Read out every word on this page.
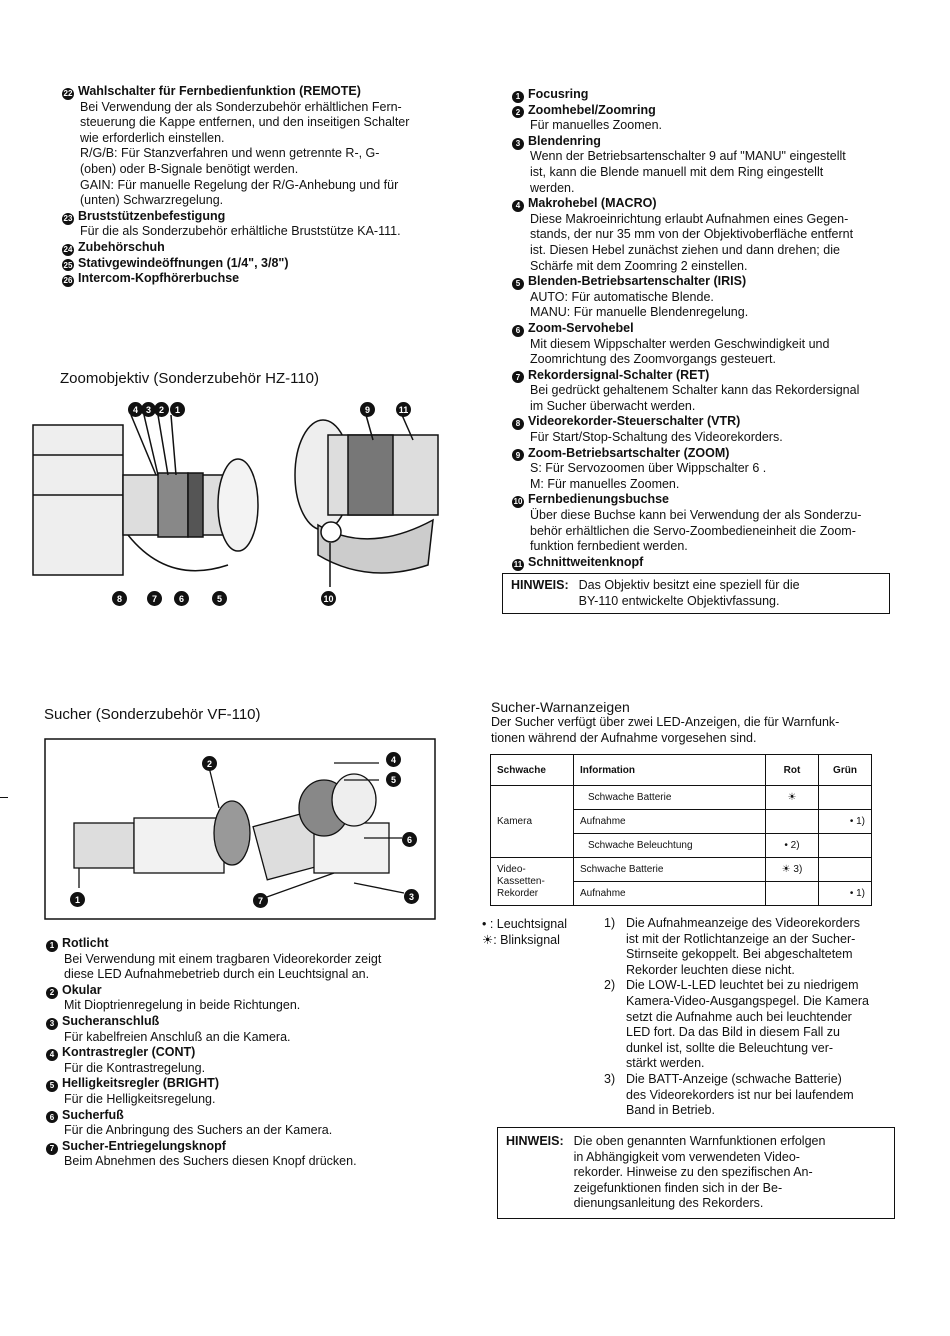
22 Wahlschalter für Fernbedienfunktion (REMOTE)
Bei Verwendung der als Sonderzubehör erhältlichen Fern-
steuerung die Kappe entfernen, und den inseitigen Schalter
wie erforderlich einstellen.
R/G/B: Für Stanzverfahren und wenn getrennte R-, G-
(oben) oder B-Signale benötigt werden.
GAIN: Für manuelle Regelung der R/G-Anhebung und für
(unten) Schwarzregelung.
23 Bruststützenbefestigung
Für die als Sonderzubehör erhältliche Bruststütze KA-111.
24 Zubehörschuh
25 Stativgewindeöffnungen (1/4", 3/8")
26 Intercom-Kopfhörerbuchse
Zoomobjektiv (Sonderzubehör HZ-110)
4 3 2	1	9	11
8	7	6	5	10
1 Focusring
2 Zoomhebel/Zoomring
Für manuelles Zoomen.
3 Blendenring
Wenn der Betriebsartenschalter 9 auf "MANU" eingestellt
ist, kann die Blende manuell mit dem Ring eingestellt
werden.
4 Makrohebel (MACRO)
Diese Makroeinrichtung erlaubt Aufnahmen eines Gegen-
stands, der nur 35 mm von der Objektivoberfläche entfernt
ist. Diesen Hebel zunächst ziehen und dann drehen; die
Schärfe mit dem Zoomring 2 einstellen.
5 Blenden-Betriebsartenschalter (IRIS)
AUTO: Für automatische Blende.
MANU: Für manuelle Blendenregelung.
6 Zoom-Servohebel
Mit diesem Wippschalter werden Geschwindigkeit und
Zoomrichtung des Zoomvorgangs gesteuert.
7 Rekordersignal-Schalter (RET)
Bei gedrückt gehaltenem Schalter kann das Rekordersignal
im Sucher überwacht werden.
8 Videorekorder-Steuerschalter (VTR)
Für Start/Stop-Schaltung des Videorekorders.
9 Zoom-Betriebsartschalter (ZOOM)
S: Für Servozoomen über Wippschalter 6 .
M: Für manuelles Zoomen.
10 Fernbedienungsbuchse
Über diese Buchse kann bei Verwendung der als Sonderzu-
behör erhältlichen die Servo-Zoombedieneinheit die Zoom-
funktion fernbedient werden.
11 Schnittweitenknopf
HINWEIS: Das Objektiv besitzt eine speziell für die
BY-110 entwickelte Objektivfassung.
Sucher (Sonderzubehör VF-110)
2	4
5
6
1	7	3
1 Rotlicht
Bei Verwendung mit einem tragbaren Videorekorder zeigt
diese LED Aufnahmebetrieb durch ein Leuchtsignal an.
2 Okular
Mit Dioptrienregelung in beide Richtungen.
3 Sucheranschluß
Für kabelfreien Anschluß an die Kamera.
4 Kontrastregler (CONT)
Für die Kontrastregelung.
5 Helligkeitsregler (BRIGHT)
Für die Helligkeitsregelung.
6 Sucherfuß
Für die Anbringung des Suchers an der Kamera.
7 Sucher-Entriegelungsknopf
Beim Abnehmen des Suchers diesen Knopf drücken.
Sucher-Warnanzeigen
Der Sucher verfügt über zwei LED-Anzeigen, die für Warnfunk-
tionen während der Aufnahme vorgesehen sind.
Schwache	Information	Rot	Grün
Kamera	Schwache Batterie	☀	
	Aufnahme		• 1)
	Schwache Beleuchtung	• 2)	
Video-
Kassetten-
Rekorder	Schwache Batterie	☀ 3)	
	Aufnahme		• 1)
• : Leuchtsignal
☀: Blinksignal
1) Die Aufnahmeanzeige des Videorekorders
ist mit der Rotlichtanzeige an der Sucher-
Stirnseite gekoppelt. Bei abgeschaltetem
Rekorder leuchten diese nicht.
2) Die LOW-L-LED leuchtet bei zu niedrigem
Kamera-Video-Ausgangspegel. Die Kamera
setzt die Aufnahme auch bei leuchtender
LED fort. Da das Bild in diesem Fall zu
dunkel ist, sollte die Beleuchtung ver-
stärkt werden.
3) Die BATT-Anzeige (schwache Batterie)
des Videorekorders ist nur bei laufendem
Band in Betrieb.
HINWEIS: Die oben genannten Warnfunktionen erfolgen
in Abhängigkeit vom verwendeten Video-
rekorder. Hinweise zu den spezifischen An-
zeigefunktionen finden sich in der Be-
dienungsanleitung des Rekorders.
